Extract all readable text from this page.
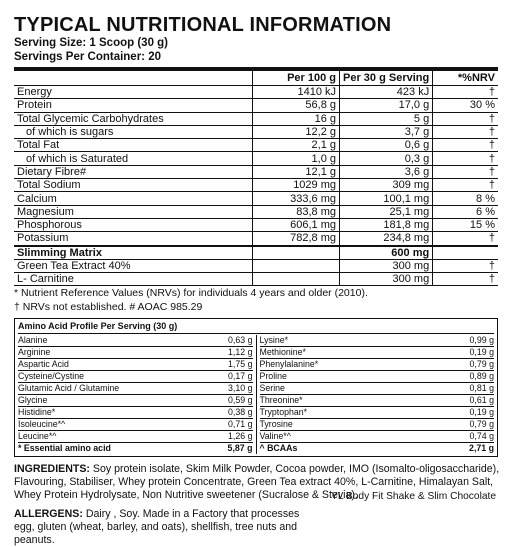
TYPICAL NUTRITIONAL INFORMATION
Serving Size: 1 Scoop (30 g)
Servings Per Container: 20
	Per 100 g	Per 30 g Serving	*%NRV
Energy	1410 kJ	423 kJ	†
Protein	56,8 g	17,0 g	30 %
Total Glycemic Carbohydrates	16 g	5 g	†
of which is sugars	12,2 g	3,7 g	†
Total Fat	2,1 g	0,6 g	†
of which is Saturated	1,0 g	0,3 g	†
Dietary Fibre#	12,1 g	3,6 g	†
Total Sodium	1029 mg	309 mg	†
Calcium	333,6 mg	100,1 mg	8 %
Magnesium	83,8 mg	25,1 mg	6 %
Phosphorous	606,1 mg	181,8 mg	15 %
Potassium	782,8 mg	234,8 mg	†
Slimming Matrix		600 mg	
Green Tea Extract 40%		300 mg	†
L- Carnitine		300 mg	†
* Nutrient Reference Values (NRVs) for individuals 4 years and older (2010).
† NRVs not established. # AOAC 985.29
Amino Acid Profile Per Serving (30 g)
Alanine	0,63 g
Arginine	1,12 g
Aspartic Acid	1,75 g
Cysteine/Cystine	0,17 g
Glutamic Acid / Glutamine	3,10 g
Glycine	0,59 g
Histidine*	0,38 g
Isoleucine*^	0,71 g
Leucine*^	1,26 g
* Essential amino acid	5,87 g
Lysine*	0,99 g
Methionine*	0,19 g
Phenylalanine*	0,79 g
Proline	0,89 g
Serine	0,81 g
Threonine*	0,61 g
Tryptophan*	0,19 g
Tyrosine	0,79 g
Valine*^	0,74 g
^ BCAAs	2,71 g
INGREDIENTS: Soy protein isolate, Skim Milk Powder, Cocoa powder, IMO (Isomalto-oligosaccharide), Flavouring, Stabiliser, Whey protein Concentrate, Green Tea extract 40%, L-Carnitine, Himalayan Salt, Whey Protein Hydrolysate, Non Nutritive sweetener (Sucralose & Stevia).
ALLERGENS: Dairy , Soy. Made in a Factory that processes egg, gluten (wheat, barley, and oats), shellfish, tree nuts and peanuts.
YL Body Fit Shake & Slim Chocolate
